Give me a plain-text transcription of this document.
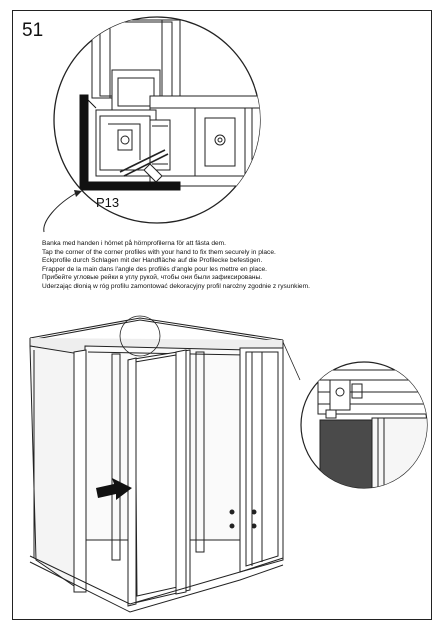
51
P13
Banka med handen i hörnet på hörnprofilerna för att fästa dem.
Tap the corner of the corner profiles with your hand to fix them securely in place.
Eckprofile durch Schlagen mit der Handfläche auf die Profilecke befestigen.
Frapper de la main dans l'angle des profilés d'angle pour les mettre en place.
Прибейте угловые рейки в углу рукой, чтобы они были зафиксированы.
Uderzając dłonią w róg profilu zamontować dekoracyjny profil narożny zgodnie z rysunkiem.
